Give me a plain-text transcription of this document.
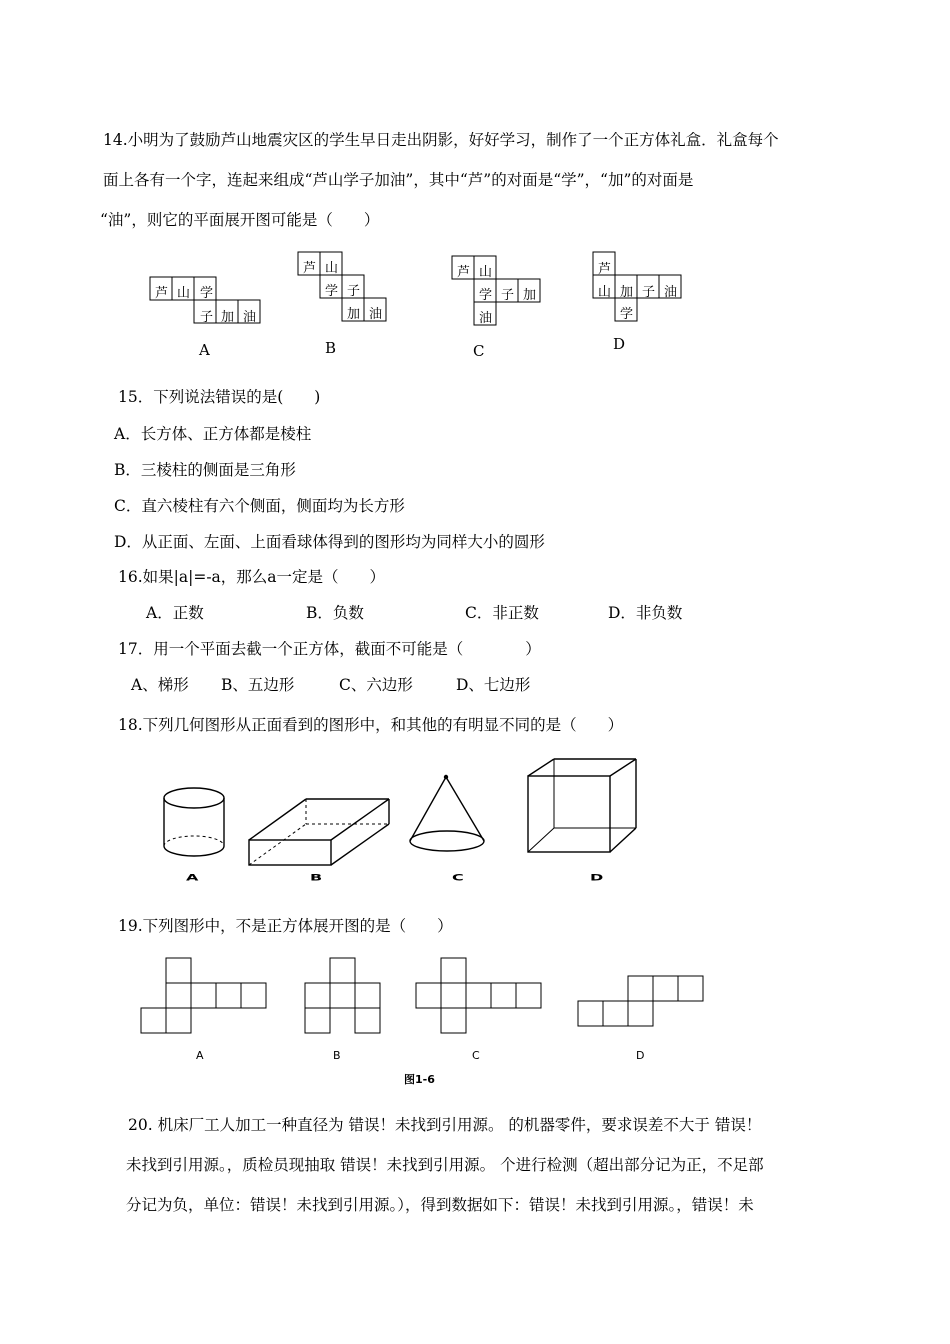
14.小明为了鼓励芦山地震灾区的学生早日走出阴影，好好学习，制作了一个正方体礼盒．礼盒每个
面上各有一个字，连起来组成“芦山学子加油”，其中“芦”的对面是“学”，“加”的对面是
“油”，则它的平面展开图可能是（　　）
芦 山 学
子 加 油
A
芦 山
学 子
加 油
B
芦 山
学 子 加
油
C
芦
山 加 子 油
学
D
15．下列说法错误的是(　　)
A．长方体、正方体都是棱柱
B．三棱柱的侧面是三角形
C．直六棱柱有六个侧面，侧面均为长方形
D．从正面、左面、上面看球体得到的图形均为同样大小的圆形
16.如果|a|=-a，那么a一定是（　　）
A．正数	B．负数	C．非正数	D．非负数
17．用一个平面去截一个正方体，截面不可能是（　　　　）
A、梯形 B、五边形	C、六边形	D、七边形
18.下列几何图形从正面看到的图形中，和其他的有明显不同的是（　　）
A	B	C	D
19.下列图形中，不是正方体展开图的是（　　）
A	B	C	D
图1-6
20. 机床厂工人加工一种直径为 错误！未找到引用源。 的机器零件，要求误差不大于 错误！
未找到引用源。，质检员现抽取 错误！未找到引用源。 个进行检测（超出部分记为正，不足部
分记为负，单位：错误！未找到引用源。），得到数据如下：错误！未找到引用源。，错误！未
